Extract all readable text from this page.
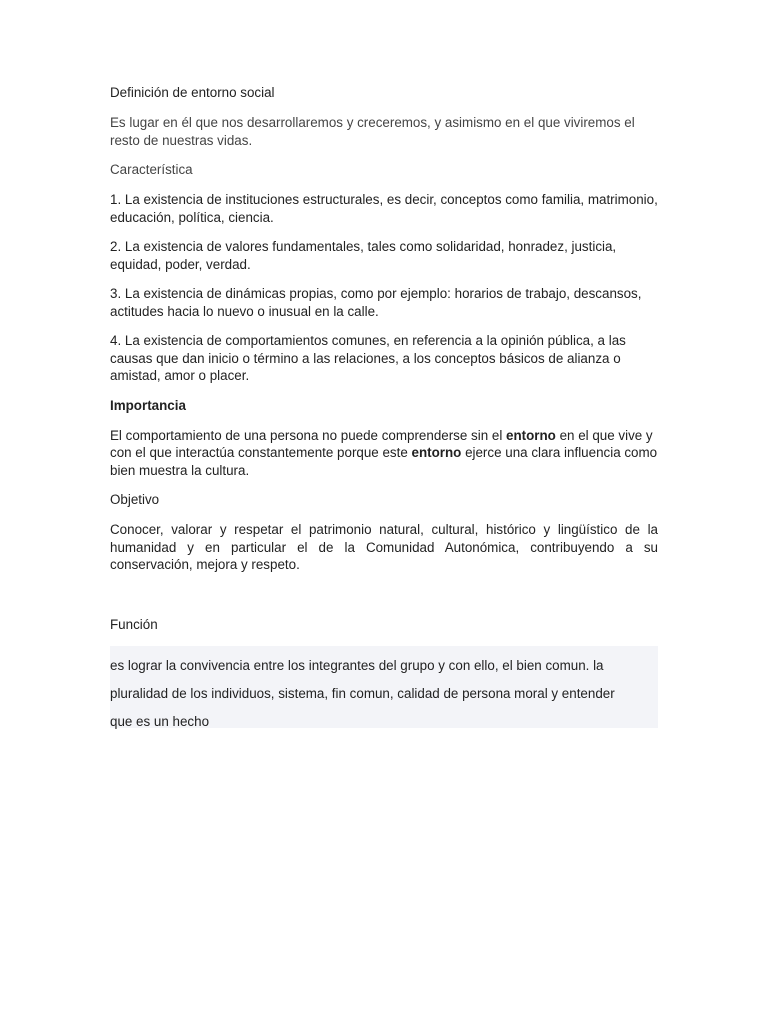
Definición de entorno social
Es lugar en él que nos desarrollaremos y creceremos, y asimismo en el que viviremos el resto de nuestras vidas.
Característica
1. La existencia de instituciones estructurales, es decir, conceptos como familia, matrimonio, educación, política, ciencia.
2. La existencia de valores fundamentales, tales como solidaridad, honradez, justicia, equidad, poder, verdad.
3. La existencia de dinámicas propias, como por ejemplo: horarios de trabajo, descansos, actitudes hacia lo nuevo o inusual en la calle.
4. La existencia de comportamientos comunes, en referencia a la opinión pública, a las causas que dan inicio o término a las relaciones, a los conceptos básicos de alianza o amistad, amor o placer.
Importancia
El comportamiento de una persona no puede comprenderse sin el entorno en el que vive y con el que interactúa constantemente porque este entorno ejerce una clara influencia como bien muestra la cultura.
Objetivo
Conocer, valorar y respetar el patrimonio natural, cultural, histórico y lingüístico de la humanidad y en particular el de la Comunidad Autonómica, contribuyendo a su conservación, mejora y respeto.
Función
es lograr la convivencia entre los integrantes del grupo y con ello, el bien comun. la
pluralidad de los individuos, sistema, fin comun, calidad de persona moral y entender
que es un hecho
